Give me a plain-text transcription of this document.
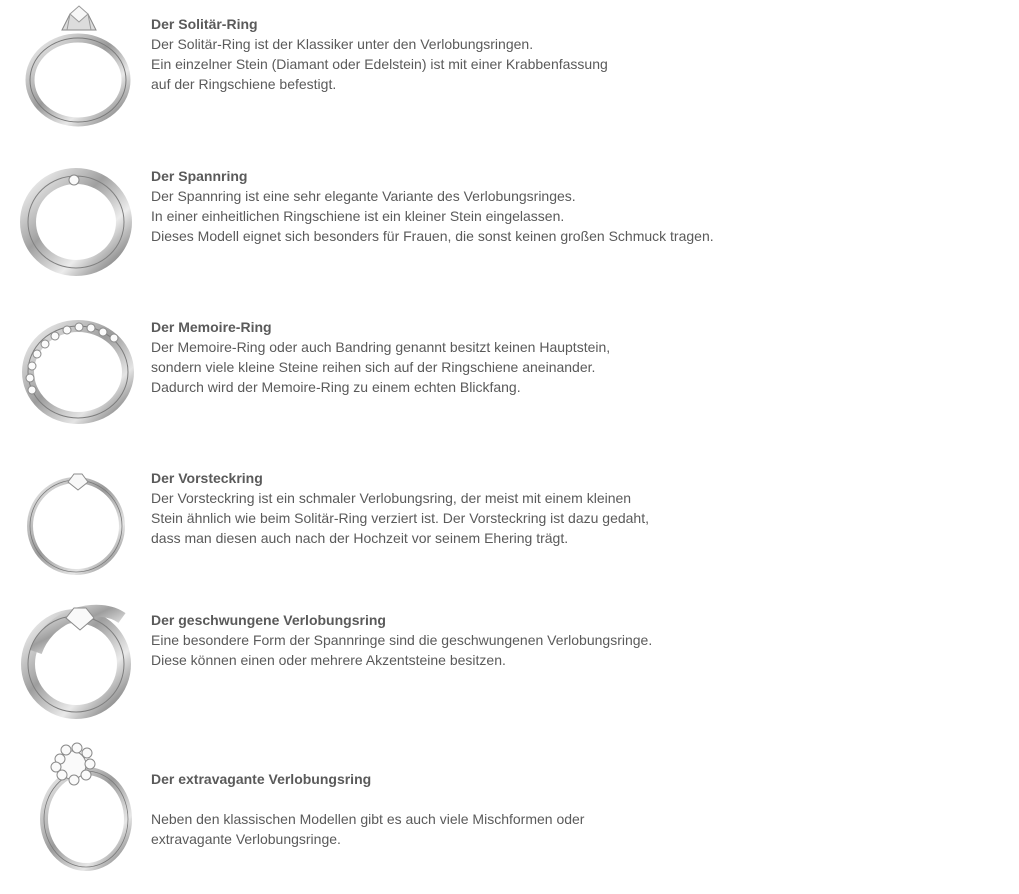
Der Solitär-Ring
Der Solitär-Ring ist der Klassiker unter den Verlobungsringen.
Ein einzelner Stein (Diamant oder Edelstein) ist mit einer Krabbenfassung
auf der Ringschiene befestigt.
Der Spannring
Der Spannring ist eine sehr elegante Variante des Verlobungsringes.
In einer einheitlichen Ringschiene ist ein kleiner Stein eingelassen.
Dieses Modell eignet sich besonders für Frauen, die sonst keinen großen Schmuck tragen.
Der Memoire-Ring
Der Memoire-Ring oder auch Bandring genannt besitzt keinen Hauptstein,
sondern viele kleine Steine reihen sich auf der Ringschiene aneinander.
Dadurch wird der Memoire-Ring zu einem echten Blickfang.
Der Vorsteckring
Der Vorsteckring ist ein schmaler Verlobungsring, der meist mit einem kleinen
Stein ähnlich wie beim Solitär-Ring verziert ist. Der Vorsteckring ist dazu gedaht,
dass man diesen auch nach der Hochzeit vor seinem Ehering trägt.
Der geschwungene Verlobungsring
Eine besondere Form der Spannringe sind die geschwungenen Verlobungsringe.
Diese können einen oder mehrere Akzentsteine besitzen.
Der extravagante Verlobungsring
Neben den klassischen Modellen gibt es auch viele Mischformen oder
extravagante Verlobungsringe.
